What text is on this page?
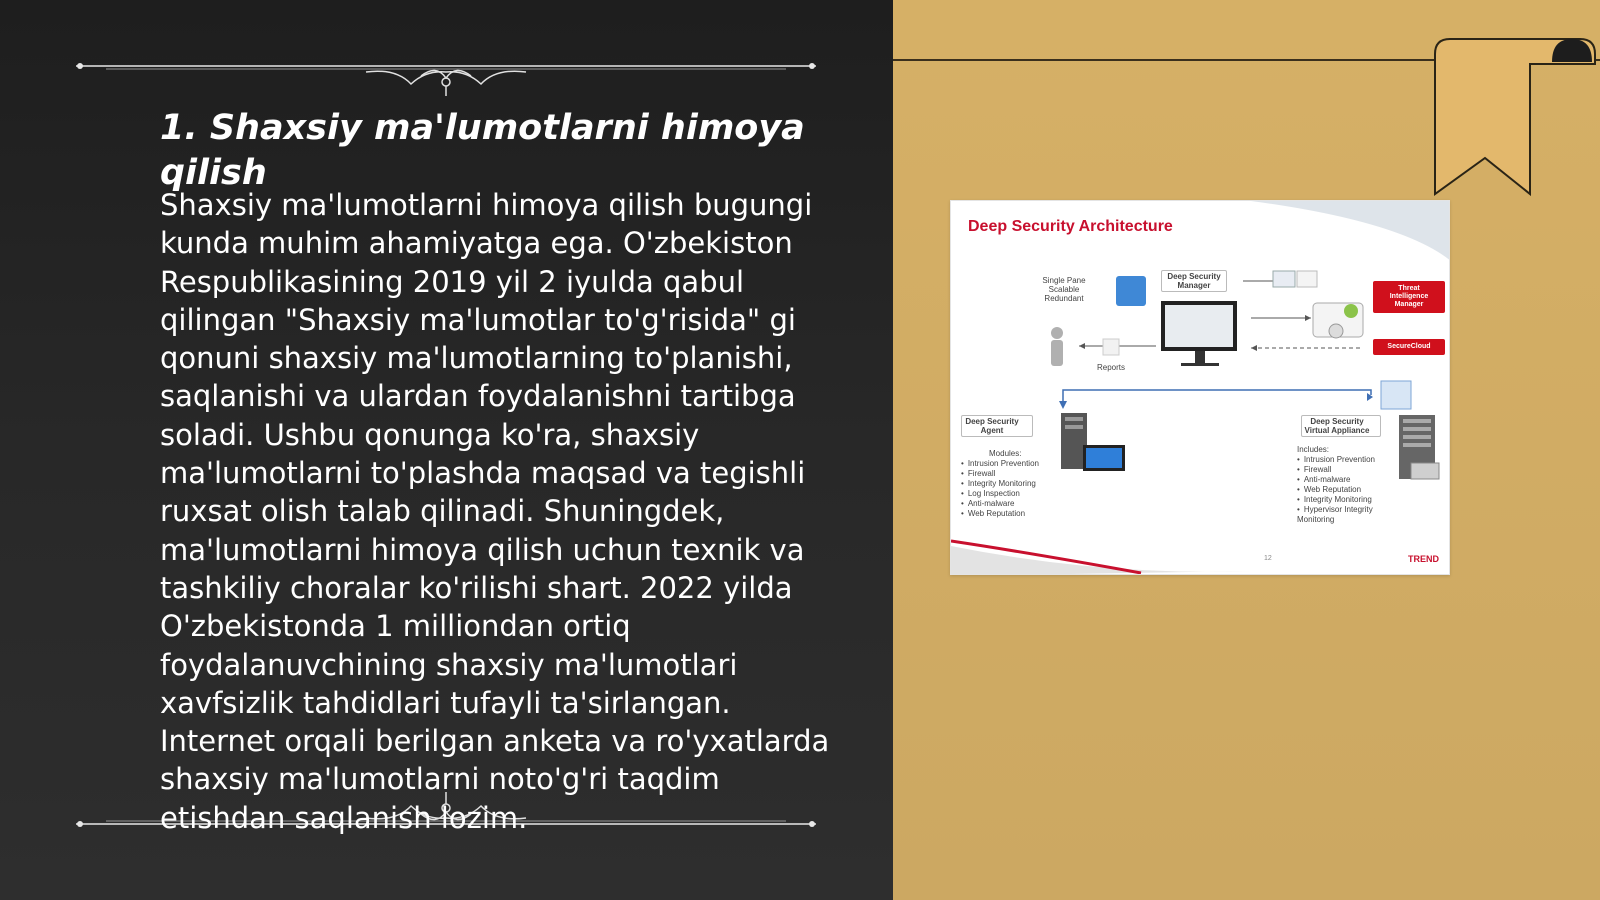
1. Shaxsiy ma'lumotlarni himoya qilish

Shaxsiy ma'lumotlarni himoya qilish bugungi kunda muhim ahamiyatga ega. O'zbekiston Respublikasining 2019 yil 2 iyulda qabul qilingan "Shaxsiy ma'lumotlar to'g'risida" gi qonuni shaxsiy ma'lumotlarning to'planishi, saqlanishi va ulardan foydalanishni tartibga soladi. Ushbu qonunga ko'ra, shaxsiy ma'lumotlarni to'plashda maqsad va tegishli ruxsat olish talab qilinadi. Shuningdek, ma'lumotlarni himoya qilish uchun texnik va tashkiliy choralar ko'rilishi shart. 2022 yilda O'zbekistonda 1 milliondan ortiq foydalanuvchining shaxsiy ma'lumotlari xavfsizlik tahdidlari tufayli ta'sirlangan. Internet orqali berilgan anketa va ro'yxatlarda shaxsiy ma'lumotlarni noto'g'ri taqdim etishdan saqlanish lozim.

Deep Security Architecture
Single Pane
Scalable
Redundant
Deep Security
Manager
Reports
Threat
Intelligence
Manager
SecureCloud
Deep Security
Agent
Modules:
• Intrusion Prevention
• Firewall
• Integrity Monitoring
• Log Inspection
• Anti-malware
• Web Reputation
Deep Security
Virtual Appliance
Includes:
• Intrusion Prevention
• Firewall
• Anti-malware
• Web Reputation
• Integrity Monitoring
• Hypervisor Integrity Monitoring
12	TREND
